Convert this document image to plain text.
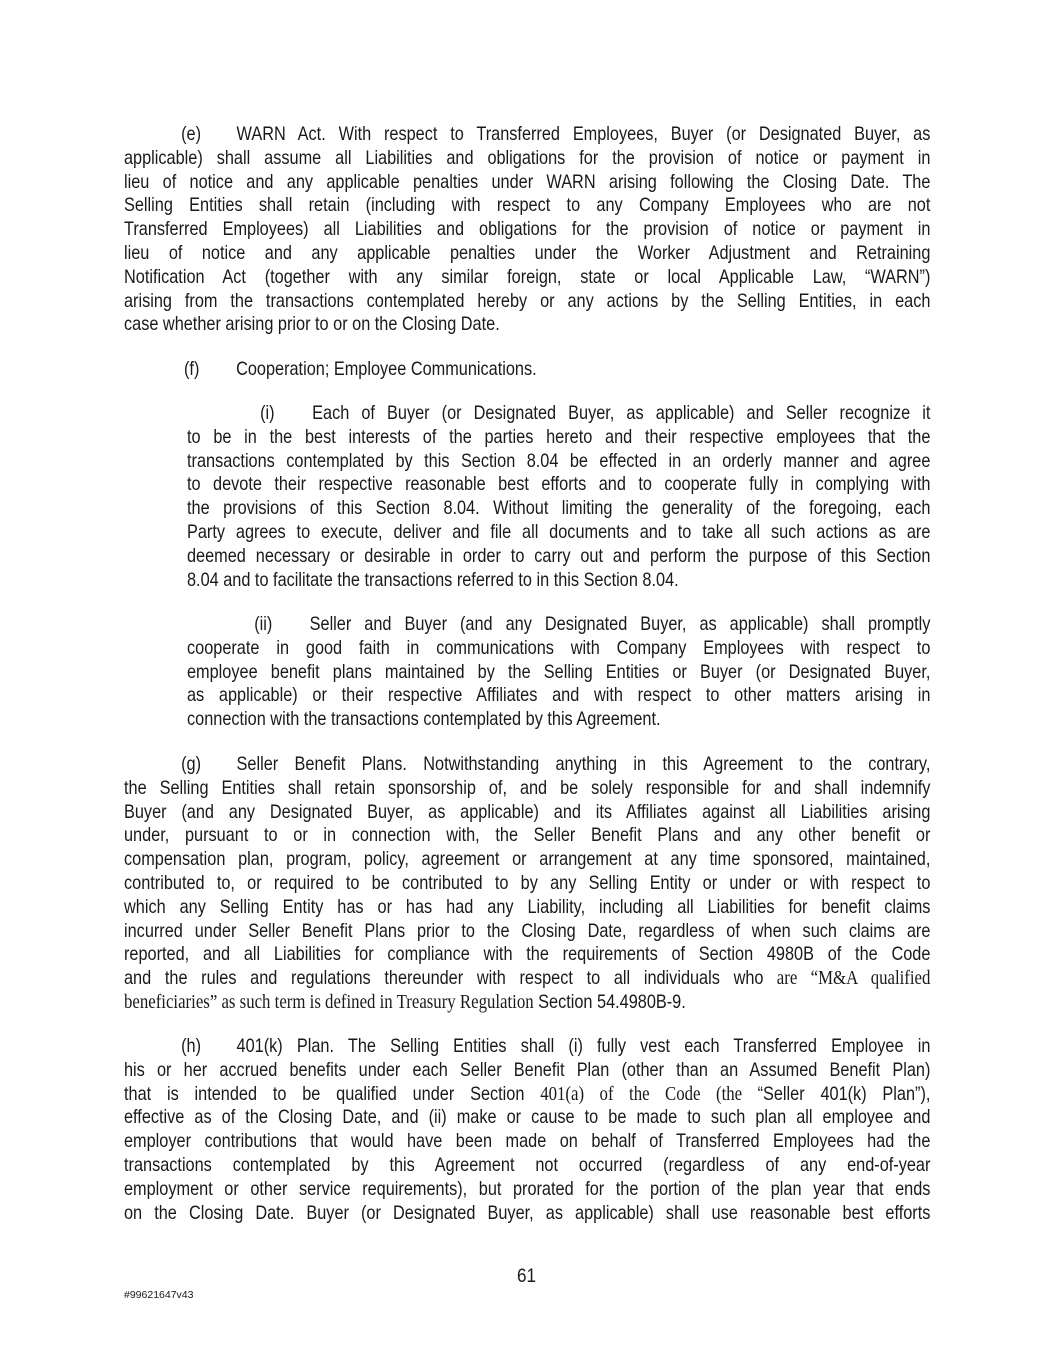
(e) WARN Act. With respect to Transferred Employees, Buyer (or Designated Buyer, as
applicable) shall assume all Liabilities and obligations for the provision of notice or payment in
lieu of notice and any applicable penalties under WARN arising following the Closing Date. The
Selling Entities shall retain (including with respect to any Company Employees who are not
Transferred Employees) all Liabilities and obligations for the provision of notice or payment in
lieu of notice and any applicable penalties under the Worker Adjustment and Retraining
Notification Act (together with any similar foreign, state or local Applicable Law, “WARN”)
arising from the transactions contemplated hereby or any actions by the Selling Entities, in each
case whether arising prior to or on the Closing Date.
(f) Cooperation; Employee Communications.
(i) Each of Buyer (or Designated Buyer, as applicable) and Seller recognize it
to be in the best interests of the parties hereto and their respective employees that the
transactions contemplated by this Section 8.04 be effected in an orderly manner and agree
to devote their respective reasonable best efforts and to cooperate fully in complying with
the provisions of this Section 8.04. Without limiting the generality of the foregoing, each
Party agrees to execute, deliver and file all documents and to take all such actions as are
deemed necessary or desirable in order to carry out and perform the purpose of this Section
8.04 and to facilitate the transactions referred to in this Section 8.04.
(ii) Seller and Buyer (and any Designated Buyer, as applicable) shall promptly
cooperate in good faith in communications with Company Employees with respect to
employee benefit plans maintained by the Selling Entities or Buyer (or Designated Buyer,
as applicable) or their respective Affiliates and with respect to other matters arising in
connection with the transactions contemplated by this Agreement.
(g) Seller Benefit Plans. Notwithstanding anything in this Agreement to the contrary,
the Selling Entities shall retain sponsorship of, and be solely responsible for and shall indemnify
Buyer (and any Designated Buyer, as applicable) and its Affiliates against all Liabilities arising
under, pursuant to or in connection with, the Seller Benefit Plans and any other benefit or
compensation plan, program, policy, agreement or arrangement at any time sponsored, maintained,
contributed to, or required to be contributed to by any Selling Entity or under or with respect to
which any Selling Entity has or has had any Liability, including all Liabilities for benefit claims
incurred under Seller Benefit Plans prior to the Closing Date, regardless of when such claims are
reported, and all Liabilities for compliance with the requirements of Section 4980B of the Code
and the rules and regulations thereunder with respect to all individuals who are “M&A qualified
beneficiaries” as such term is defined in Treasury Regulation Section 54.4980B-9.
(h) 401(k) Plan. The Selling Entities shall (i) fully vest each Transferred Employee in
his or her accrued benefits under each Seller Benefit Plan (other than an Assumed Benefit Plan)
that is intended to be qualified under Section 401(a) of the Code (the “Seller 401(k) Plan”),
effective as of the Closing Date, and (ii) make or cause to be made to such plan all employee and
employer contributions that would have been made on behalf of Transferred Employees had the
transactions contemplated by this Agreement not occurred (regardless of any end-of-year
employment or other service requirements), but prorated for the portion of the plan year that ends
on the Closing Date. Buyer (or Designated Buyer, as applicable) shall use reasonable best efforts
61
#99621647v43
